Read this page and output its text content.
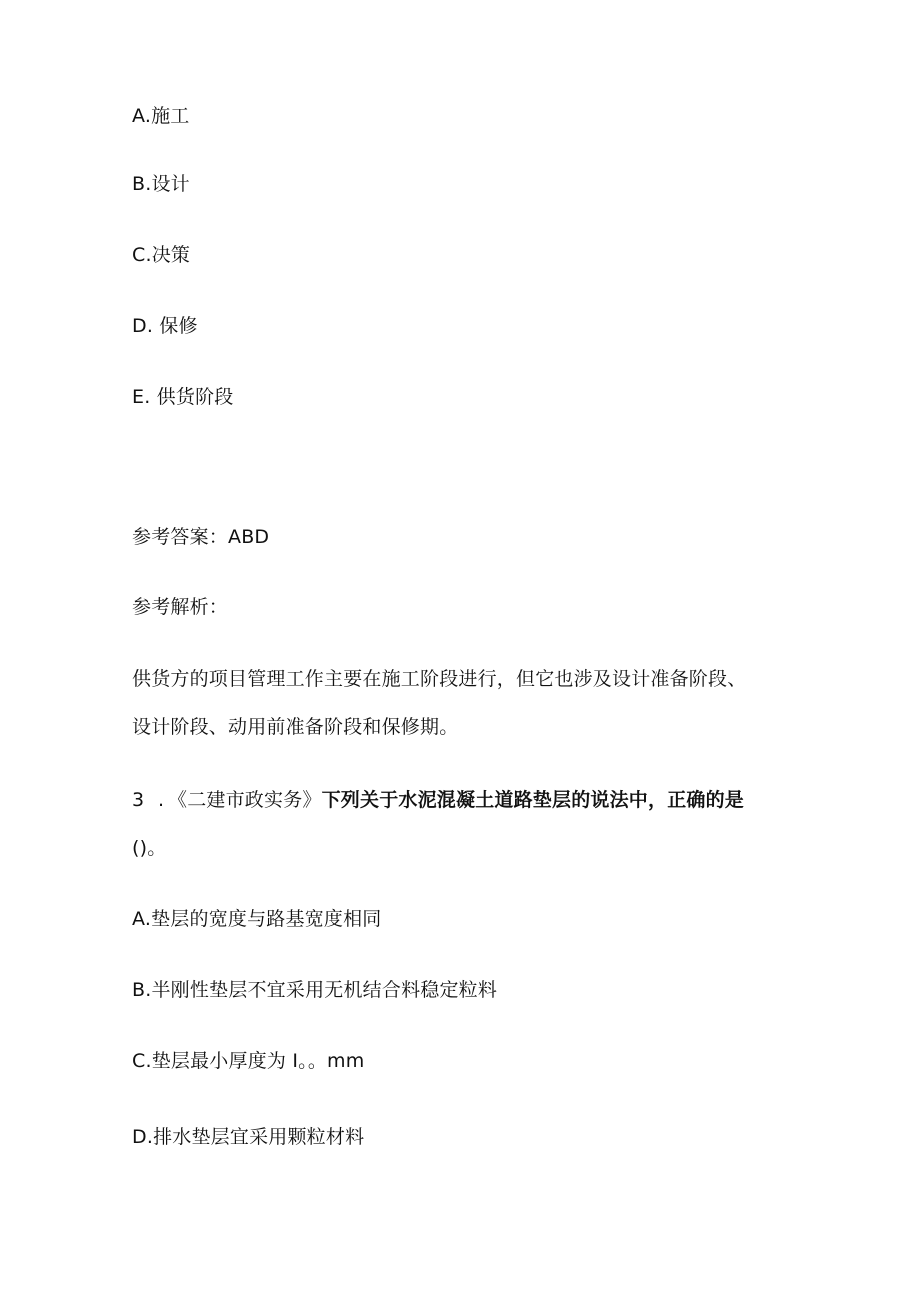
A.施工
B.设计
C.决策
D. 保修
E. 供货阶段
参考答案：ABD
参考解析：
供货方的项目管理工作主要在施工阶段进行，但它也涉及设计准备阶段、
设计阶段、动用前准备阶段和保修期。
3 . 《二建市政实务》下列关于水泥混凝土道路垫层的说法中，正确的是
()。
A.垫层的宽度与路基宽度相同
B.半刚性垫层不宜采用无机结合料稳定粒料
C.垫层最小厚度为 I。。mm
D.排水垫层宜采用颗粒材料
